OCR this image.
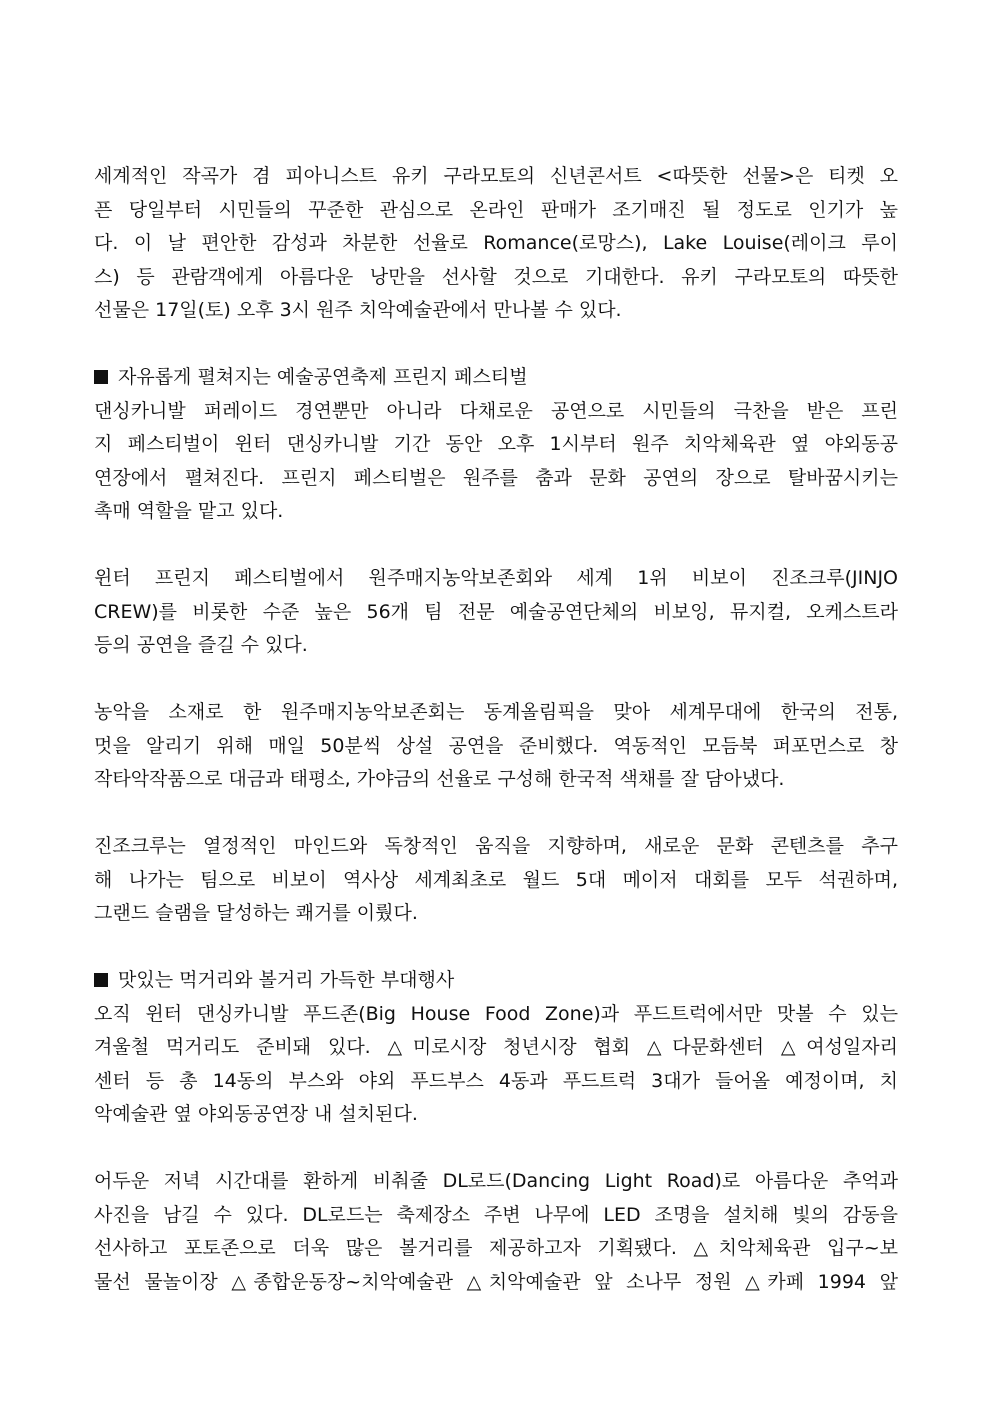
세계적인 작곡가 겸 피아니스트 유키 구라모토의 신년콘서트 <따뜻한 선물>은 티켓 오
픈 당일부터 시민들의 꾸준한 관심으로 온라인 판매가 조기매진 될 정도로 인기가 높
다. 이 날 편안한 감성과 차분한 선율로 Romance(로망스), Lake Louise(레이크 루이
스) 등 관람객에게 아름다운 낭만을 선사할 것으로 기대한다. 유키 구라모토의 따뜻한
선물은 17일(토) 오후 3시 원주 치악예술관에서 만나볼 수 있다.
자유롭게 펼쳐지는 예술공연축제 프린지 페스티벌
댄싱카니발 퍼레이드 경연뿐만 아니라 다채로운 공연으로 시민들의 극찬을 받은 프린
지 페스티벌이 윈터 댄싱카니발 기간 동안 오후 1시부터 원주 치악체육관 옆 야외동공
연장에서 펼쳐진다. 프린지 페스티벌은 원주를 춤과 문화 공연의 장으로 탈바꿈시키는
촉매 역할을 맡고 있다.
윈터 프린지 페스티벌에서 원주매지농악보존회와 세계 1위 비보이 진조크루(JINJO
CREW)를 비롯한 수준 높은 56개 팀 전문 예술공연단체의 비보잉, 뮤지컬, 오케스트라
등의 공연을 즐길 수 있다.
농악을 소재로 한 원주매지농악보존회는 동계올림픽을 맞아 세계무대에 한국의 전통,
멋을 알리기 위해 매일 50분씩 상설 공연을 준비했다. 역동적인 모듬북 퍼포먼스로 창
작타악작품으로 대금과 태평소, 가야금의 선율로 구성해 한국적 색채를 잘 담아냈다.
진조크루는 열정적인 마인드와 독창적인 움직을 지향하며, 새로운 문화 콘텐츠를 추구
해 나가는 팀으로 비보이 역사상 세계최초로 월드 5대 메이저 대회를 모두 석권하며,
그랜드 슬램을 달성하는 쾌거를 이뤘다.
맛있는 먹거리와 볼거리 가득한 부대행사
오직 윈터 댄싱카니발 푸드존(Big House Food Zone)과 푸드트럭에서만 맛볼 수 있는
겨울철 먹거리도 준비돼 있다. △미로시장 청년시장 협회 △다문화센터 △여성일자리
센터 등 총 14동의 부스와 야외 푸드부스 4동과 푸드트럭 3대가 들어올 예정이며, 치
악예술관 옆 야외동공연장 내 설치된다.
어두운 저녁 시간대를 환하게 비춰줄 DL로드(Dancing Light Road)로 아름다운 추억과
사진을 남길 수 있다. DL로드는 축제장소 주변 나무에 LED 조명을 설치해 빛의 감동을
선사하고 포토존으로 더욱 많은 볼거리를 제공하고자 기획됐다. △치악체육관 입구~보
물선 물놀이장 △종합운동장~치악예술관 △치악예술관 앞 소나무 정원 △카페 1994 앞
